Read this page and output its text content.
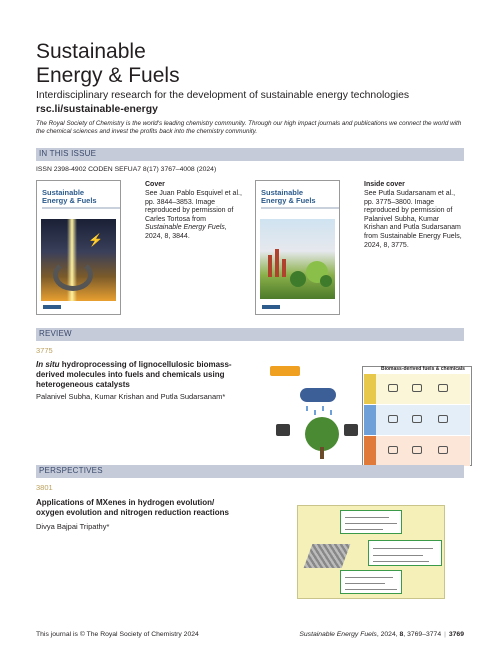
Sustainable
Energy & Fuels
Interdisciplinary research for the development of sustainable energy technologies
rsc.li/sustainable-energy
The Royal Society of Chemistry is the world's leading chemistry community. Through our high impact journals and publications we connect the world with the chemical sciences and invest the profits back into the chemistry community.
IN THIS ISSUE
ISSN 2398-4902 CODEN SEFUA7 8(17) 3767–4008 (2024)
Sustainable
Energy & Fuels
⚡
Cover
See Juan Pablo Esquivel et al.,
pp. 3844–3853. Image
reproduced by permission of
Carles Tortosa from
Sustainable Energy Fuels,
2024, 8, 3844.
Sustainable
Energy & Fuels
Inside cover
See Putla Sudarsanam et al.,
pp. 3775–3800. Image
reproduced by permission of
Palanivel Subha, Kumar
Krishan and Putla Sudarsanam
from Sustainable Energy Fuels,
2024, 8, 3775.
REVIEW
3775
In situ hydroprocessing of lignocellulosic biomass-
derived molecules into fuels and chemicals using
heterogeneous catalysts
Palanivel Subha, Kumar Krishan and Putla Sudarsanam*
Biomass-derived fuels & chemicals
PERSPECTIVES
3801
Applications of MXenes in hydrogen evolution/
oxygen evolution and nitrogen reduction reactions
Divya Bajpai Tripathy*
This journal is © The Royal Society of Chemistry 2024	Sustainable Energy Fuels, 2024, 8, 3769–3774 | 3769
